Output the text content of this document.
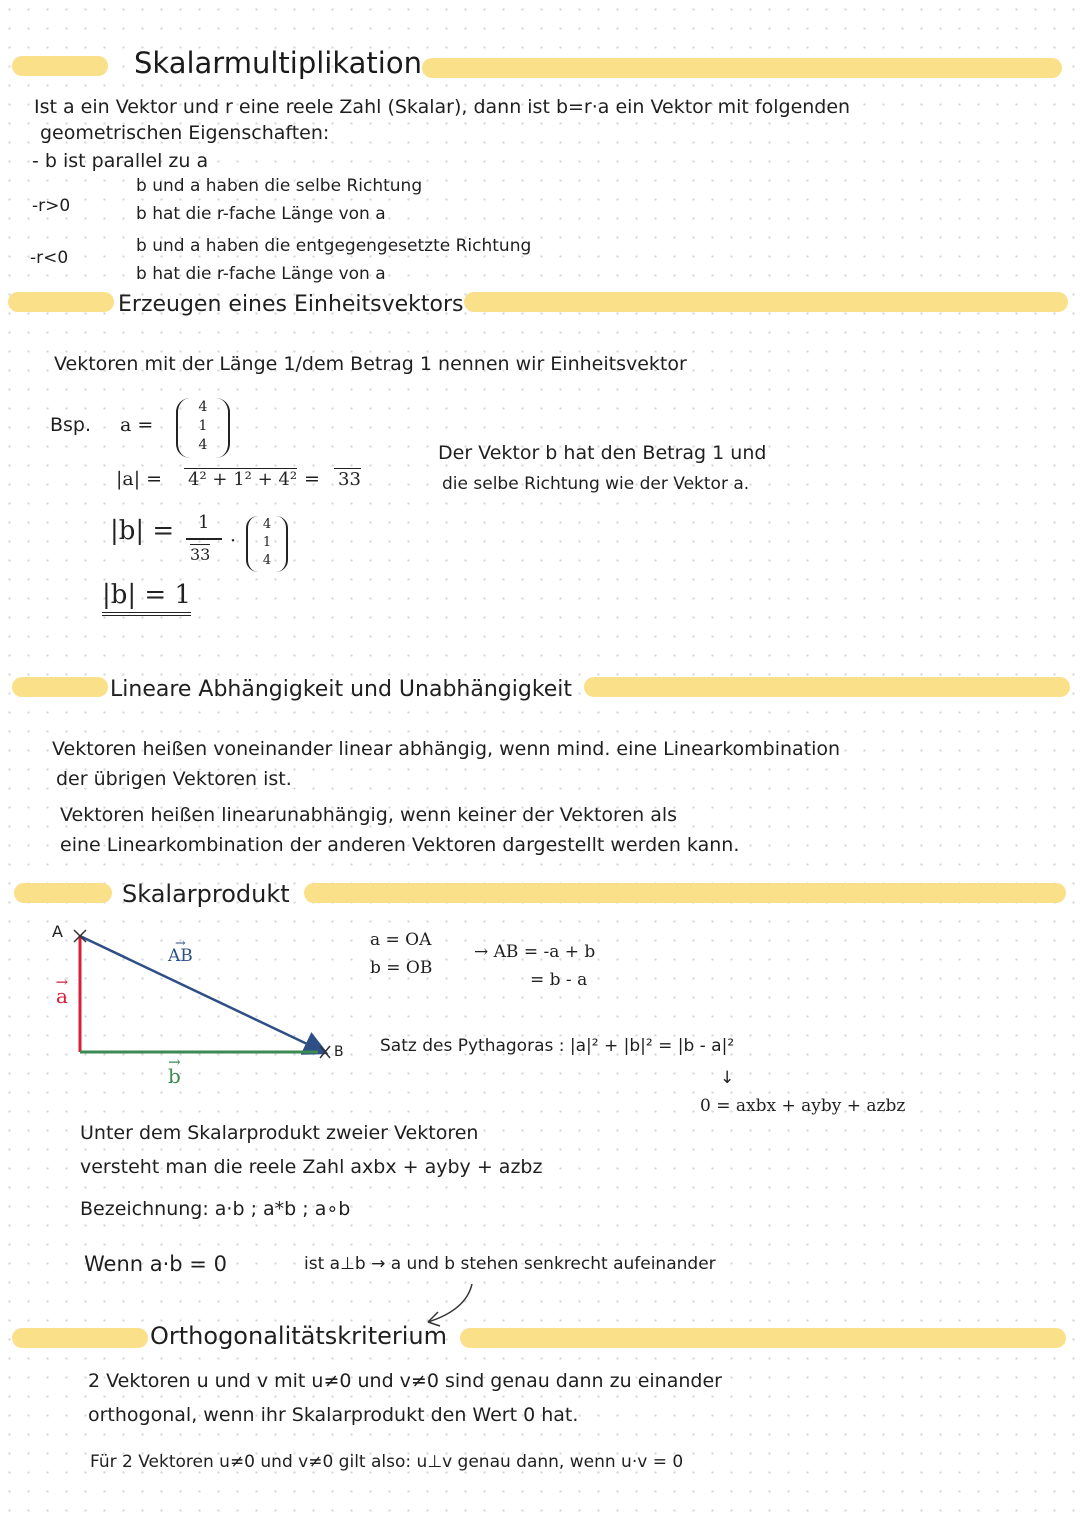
Skalarmultiplikation
Ist a ein Vektor und r eine reele Zahl (Skalar), dann ist b=r·a ein Vektor mit folgenden
geometrischen Eigenschaften:
- b ist parallel zu a
-r>0
b und a haben die selbe Richtung
b hat die r-fache Länge von a
-r<0
b und a haben die entgegengesetzte Richtung
b hat die r-fache Länge von a
Erzeugen eines Einheitsvektors
Vektoren mit der Länge 1/dem Betrag 1 nennen wir Einheitsvektor
Bsp. a =
4
1
4
|a| = 4² + 1² + 4² = 33
|b| = 1
33
·
4
1
4
|b| = 1
Der Vektor b hat den Betrag 1 und
die selbe Richtung wie der Vektor a.
Lineare Abhängigkeit und Unabhängigkeit
Vektoren heißen voneinander linear abhängig, wenn mind. eine Linearkombination
der übrigen Vektoren ist.
Vektoren heißen linearunabhängig, wenn keiner der Vektoren als
eine Linearkombination der anderen Vektoren dargestellt werden kann.
Skalarprodukt
A
B
→ AB
→ a
→ b
a = OA
b = OB
→ AB = -a + b
= b - a
Satz des Pythagoras : |a|² + |b|² = |b - a|²
↓
0 = axbx + ayby + azbz
Unter dem Skalarprodukt zweier Vektoren
versteht man die reele Zahl axbx + ayby + azbz
Bezeichnung: a·b ; a*b ; a∘b
Wenn a·b = 0	ist a⊥b → a und b stehen senkrecht aufeinander
Orthogonalitätskriterium
2 Vektoren u und v mit u≠0 und v≠0 sind genau dann zu einander
orthogonal, wenn ihr Skalarprodukt den Wert 0 hat.
Für 2 Vektoren u≠0 und v≠0 gilt also: u⊥v genau dann, wenn u·v = 0
